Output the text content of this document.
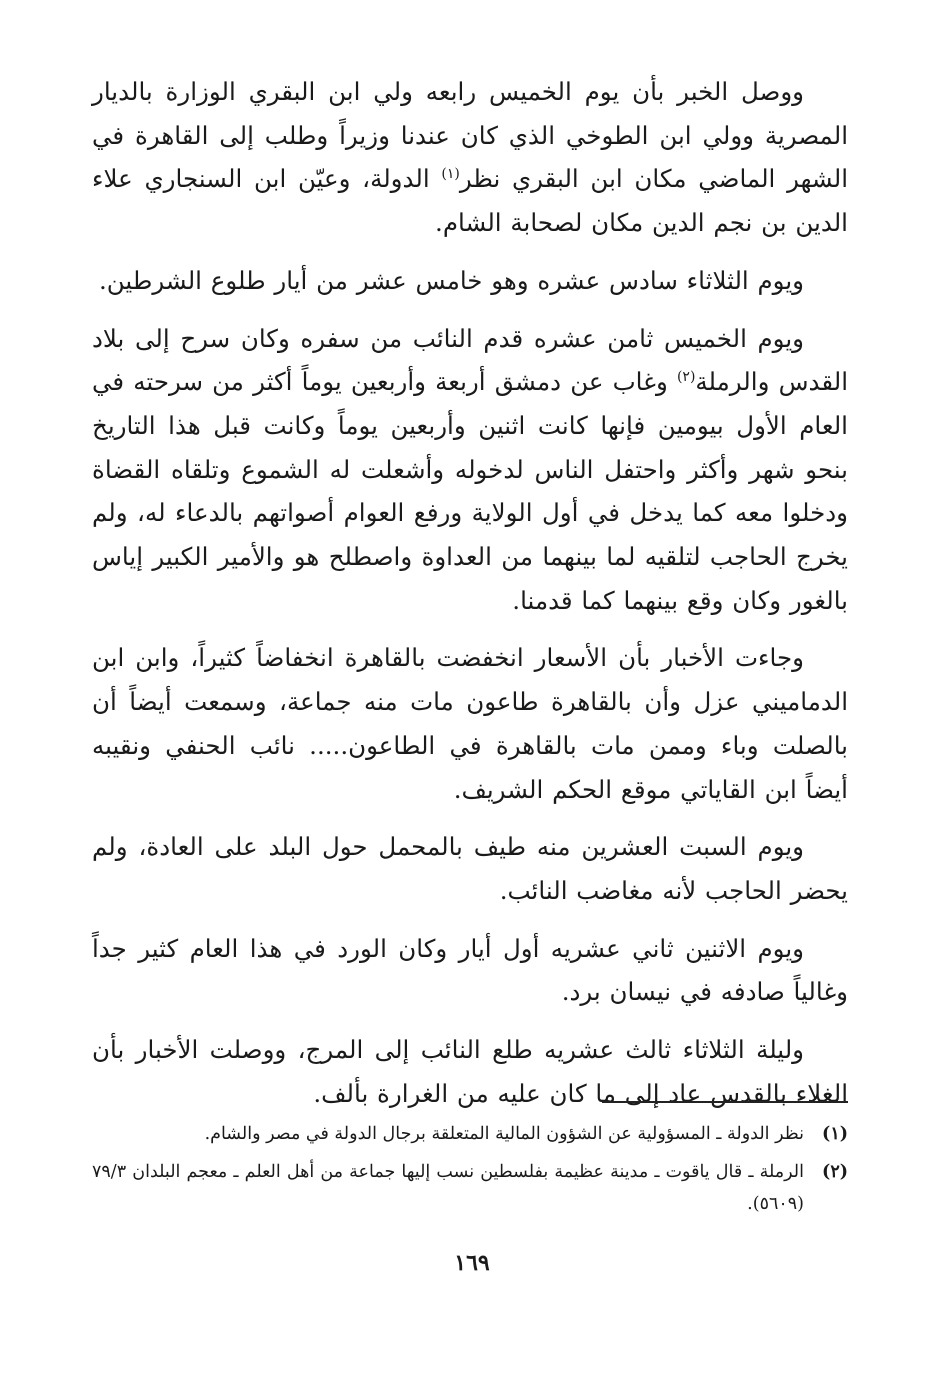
ووصل الخبر بأن يوم الخميس رابعه ولي ابن البقري الوزارة بالديار المصرية وولي ابن الطوخي الذي كان عندنا وزيراً وطلب إلى القاهرة في الشهر الماضي مكان ابن البقري نظر$^{(١)}$ الدولة، وعيّن ابن السنجاري علاء الدين بن نجم الدين مكان لصحابة الشام.

ويوم الثلاثاء سادس عشره وهو خامس عشر من أيار طلوع الشرطين.

ويوم الخميس ثامن عشره قدم النائب من سفره وكان سرح إلى بلاد القدس والرملة$^{(٢)}$ وغاب عن دمشق أربعة وأربعين يوماً أكثر من سرحته في العام الأول بيومين فإنها كانت اثنين وأربعين يوماً وكانت قبل هذا التاريخ بنحو شهر وأكثر واحتفل الناس لدخوله وأشعلت له الشموع وتلقاه القضاة ودخلوا معه كما يدخل في أول الولاية ورفع العوام أصواتهم بالدعاء له، ولم يخرج الحاجب لتلقيه لما بينهما من العداوة واصطلح هو والأمير الكبير إياس بالغور وكان وقع بينهما كما قدمنا.

وجاءت الأخبار بأن الأسعار انخفضت بالقاهرة انخفاضاً كثيراً، وابن ابن الدماميني عزل وأن بالقاهرة طاعون مات منه جماعة، وسمعت أيضاً أن بالصلت وباء وممن مات بالقاهرة في الطاعون..... نائب الحنفي ونقيبه أيضاً ابن القاياتي موقع الحكم الشريف.

ويوم السبت العشرين منه طيف بالمحمل حول البلد على العادة، ولم يحضر الحاجب لأنه مغاضب النائب.

ويوم الاثنين ثاني عشريه أول أيار وكان الورد في هذا العام كثير جداً وغالياً صادفه في نيسان برد.

وليلة الثلاثاء ثالث عشريه طلع النائب إلى المرج، ووصلت الأخبار بأن الغلاء بالقدس عاد إلى ما كان عليه من الغرارة بألف.

(١)
نظر الدولة ـ المسؤولية عن الشؤون المالية المتعلقة برجال الدولة في مصر والشام.

(٢)
الرملة ـ قال ياقوت ـ مدينة عظيمة بفلسطين نسب إليها جماعة من أهل العلم ـ معجم البلدان ٧٩/٣ (٥٦٠٩).

١٦٩
